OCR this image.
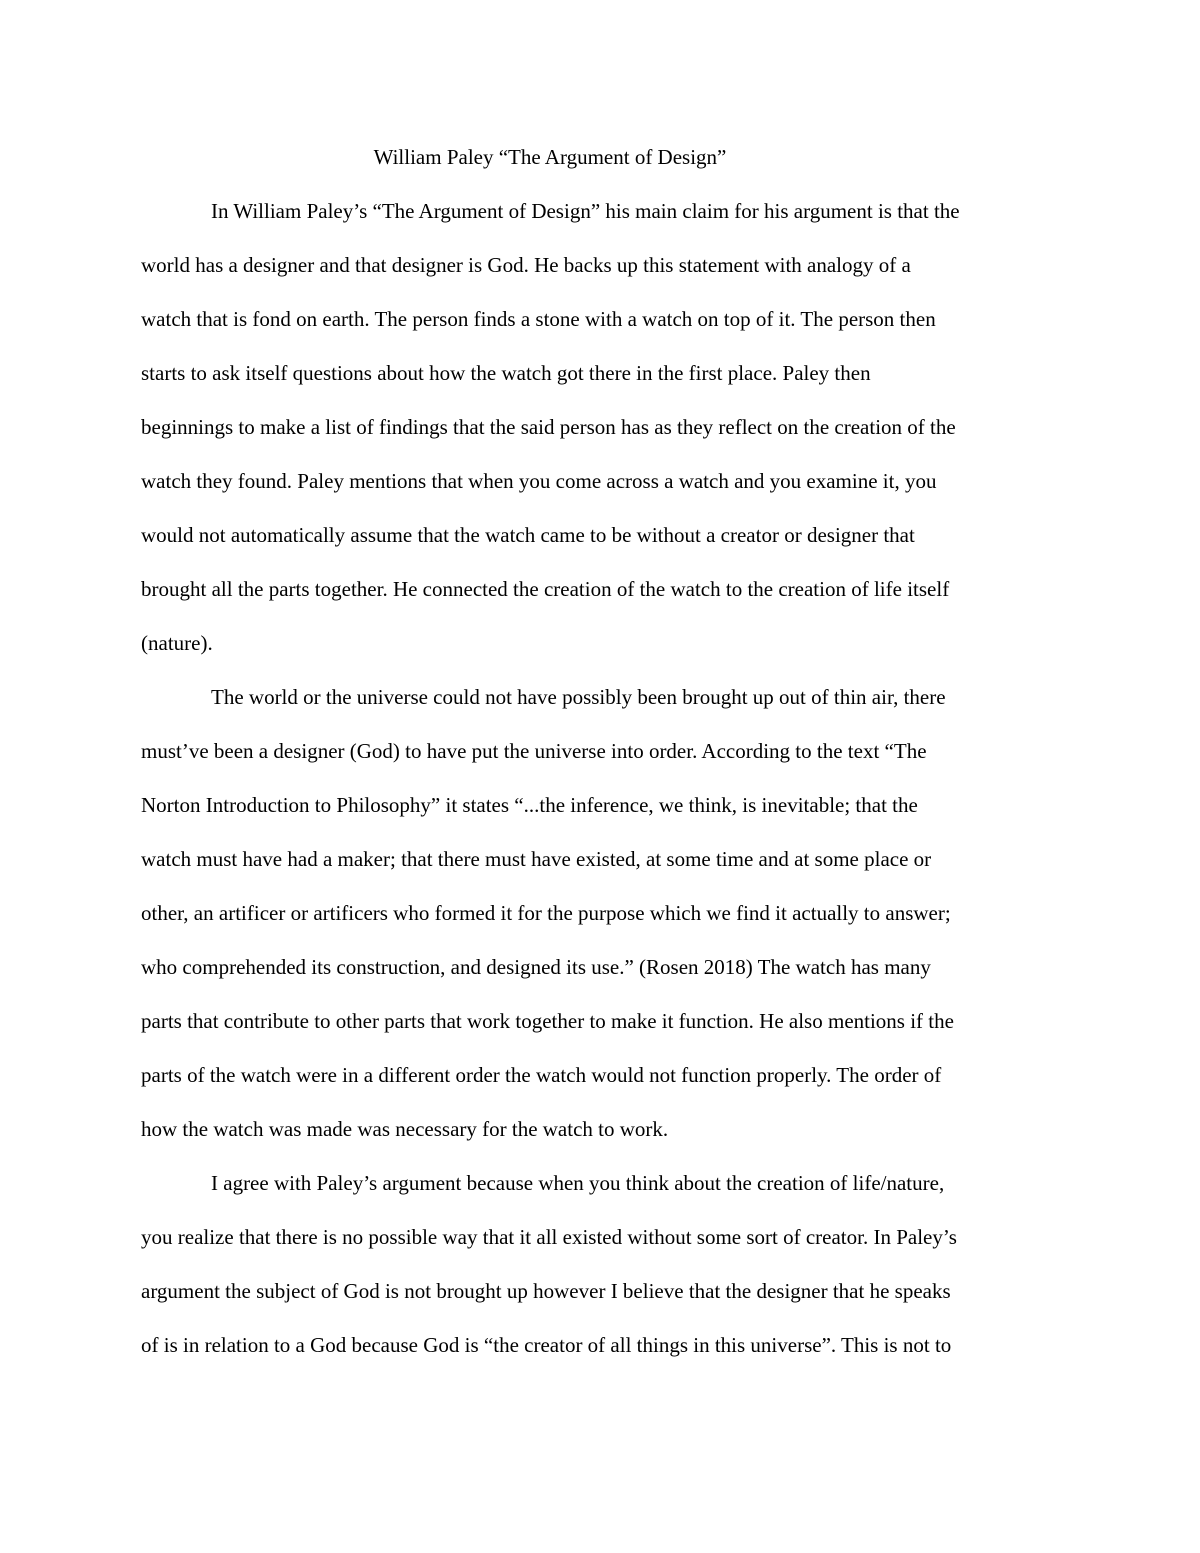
William Paley “The Argument of Design”
In William Paley’s “The Argument of Design” his main claim for his argument is that the
world has a designer and that designer is God. He backs up this statement with analogy of a
watch that is fond on earth. The person finds a stone with a watch on top of it. The person then
starts to ask itself questions about how the watch got there in the first place. Paley then
beginnings to make a list of findings that the said person has as they reflect on the creation of the
watch they found. Paley mentions that when you come across a watch and you examine it, you
would not automatically assume that the watch came to be without a creator or designer that
brought all the parts together. He connected the creation of the watch to the creation of life itself
(nature).
The world or the universe could not have possibly been brought up out of thin air, there
must’ve been a designer (God) to have put the universe into order. According to the text “The
Norton Introduction to Philosophy” it states “...the inference, we think, is inevitable; that the
watch must have had a maker; that there must have existed, at some time and at some place or
other, an artificer or artificers who formed it for the purpose which we find it actually to answer;
who comprehended its construction, and designed its use.” (Rosen 2018) The watch has many
parts that contribute to other parts that work together to make it function. He also mentions if the
parts of the watch were in a different order the watch would not function properly. The order of
how the watch was made was necessary for the watch to work.
I agree with Paley’s argument because when you think about the creation of life/nature,
you realize that there is no possible way that it all existed without some sort of creator. In Paley’s
argument the subject of God is not brought up however I believe that the designer that he speaks
of is in relation to a God because God is “the creator of all things in this universe”. This is not to
